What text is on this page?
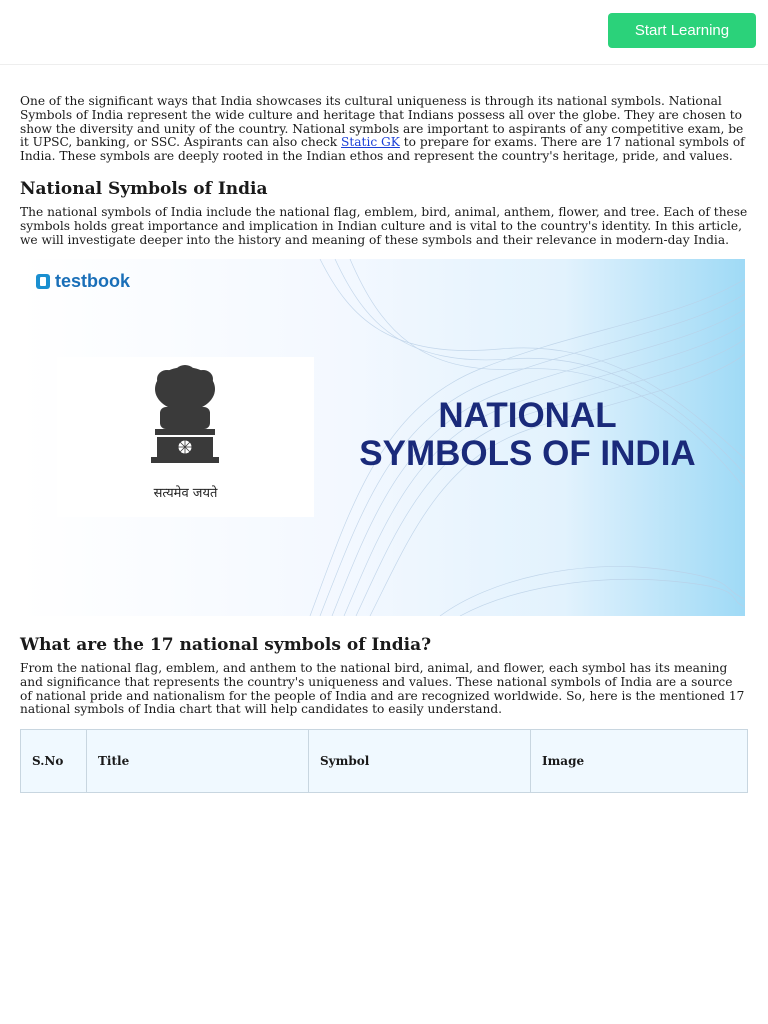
Start Learning

One of the significant ways that India showcases its cultural uniqueness is through its national symbols. National Symbols of India represent the wide culture and heritage that Indians possess all over the globe. They are chosen to show the diversity and unity of the country. National symbols are important to aspirants of any competitive exam, be it UPSC, banking, or SSC. Aspirants can also check Static GK to prepare for exams. There are 17 national symbols of India. These symbols are deeply rooted in the Indian ethos and represent the country's heritage, pride, and values.

National Symbols of India

The national symbols of India include the national flag, emblem, bird, animal, anthem, flower, and tree. Each of these symbols holds great importance and implication in Indian culture and is vital to the country's identity. In this article, we will investigate deeper into the history and meaning of these symbols and their relevance in modern-day India.

testbook
सत्यमेव जयते
NATIONAL
SYMBOLS OF INDIA
What are the 17 national symbols of India?

From the national flag, emblem, and anthem to the national bird, animal, and flower, each symbol has its meaning and significance that represents the country's uniqueness and values. These national symbols of India are a source of national pride and nationalism for the people of India and are recognized worldwide. So, here is the mentioned 17 national symbols of India chart that will help candidates to easily understand.

S.No	Title	Symbol	Image
